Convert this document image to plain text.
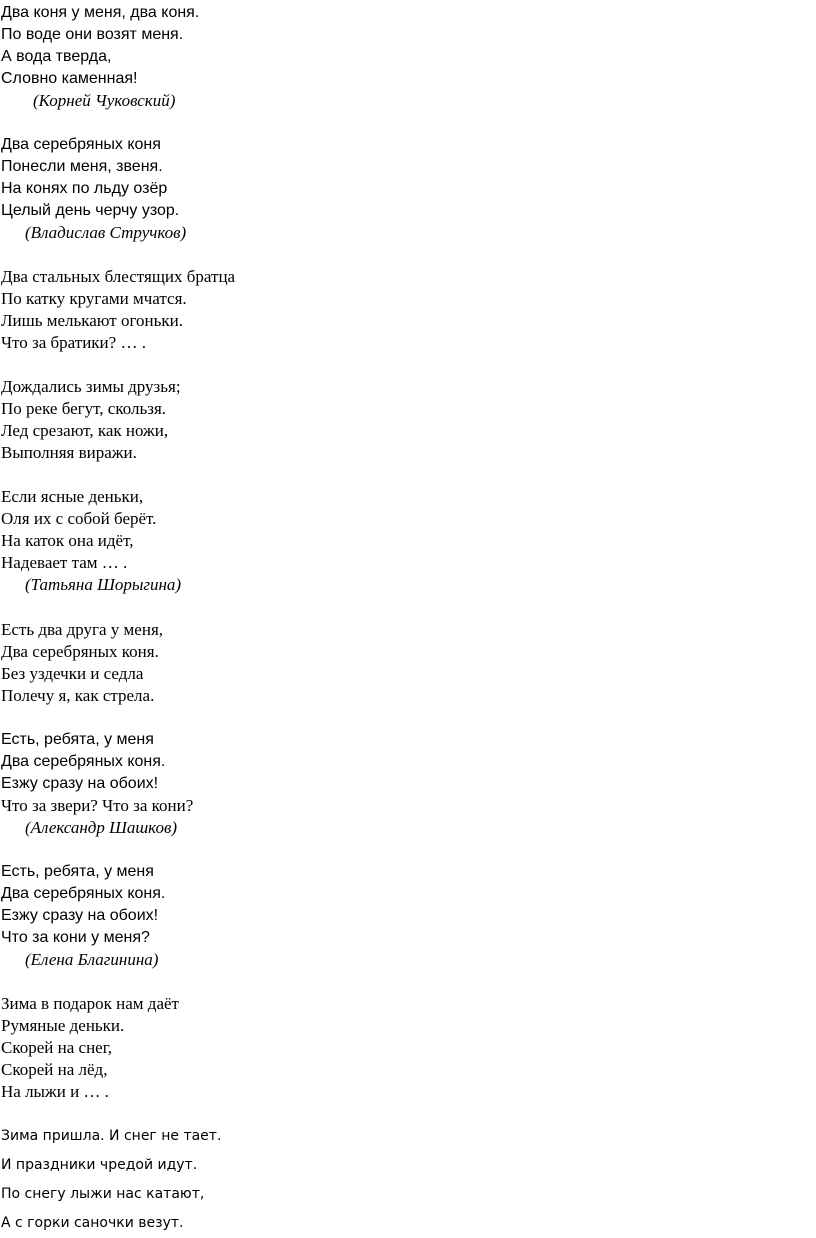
Два коня у меня, два коня.
По воде они возят меня.
А вода тверда,
Словно каменная!
(Корней Чуковский)
Два серебряных коня
Понесли меня, звеня.
На конях по льду озёр
Целый день черчу узор.
(Владислав Стручков)
Два стальных блестящих братца
По катку кругами мчатся.
Лишь мелькают огоньки.
Что за братики? … .
Дождались зимы друзья;
По реке бегут, скользя.
Лед срезают, как ножи,
Выполняя виражи.
Если ясные деньки,
Оля их с собой берёт.
На каток она идёт,
Надевает там … .
(Татьяна Шорыгина)
Есть два друга у меня,
Два серебряных коня.
Без уздечки и седла
Полечу я, как стрела.
Есть, ребята, у меня
Два серебряных коня.
Езжу сразу на обоих!
Что за звери? Что за кони?
(Александр Шашков)
Есть, ребята, у меня
Два серебряных коня.
Езжу сразу на обоих!
Что за кони у меня?
(Елена Благинина)
Зима в подарок нам даёт
Румяные деньки.
Скорей на снег,
Скорей на лёд,
На лыжи и … .
Зима пришла. И снег не тает.
И праздники чредой идут.
По снегу лыжи нас катают,
А с горки саночки везут.
